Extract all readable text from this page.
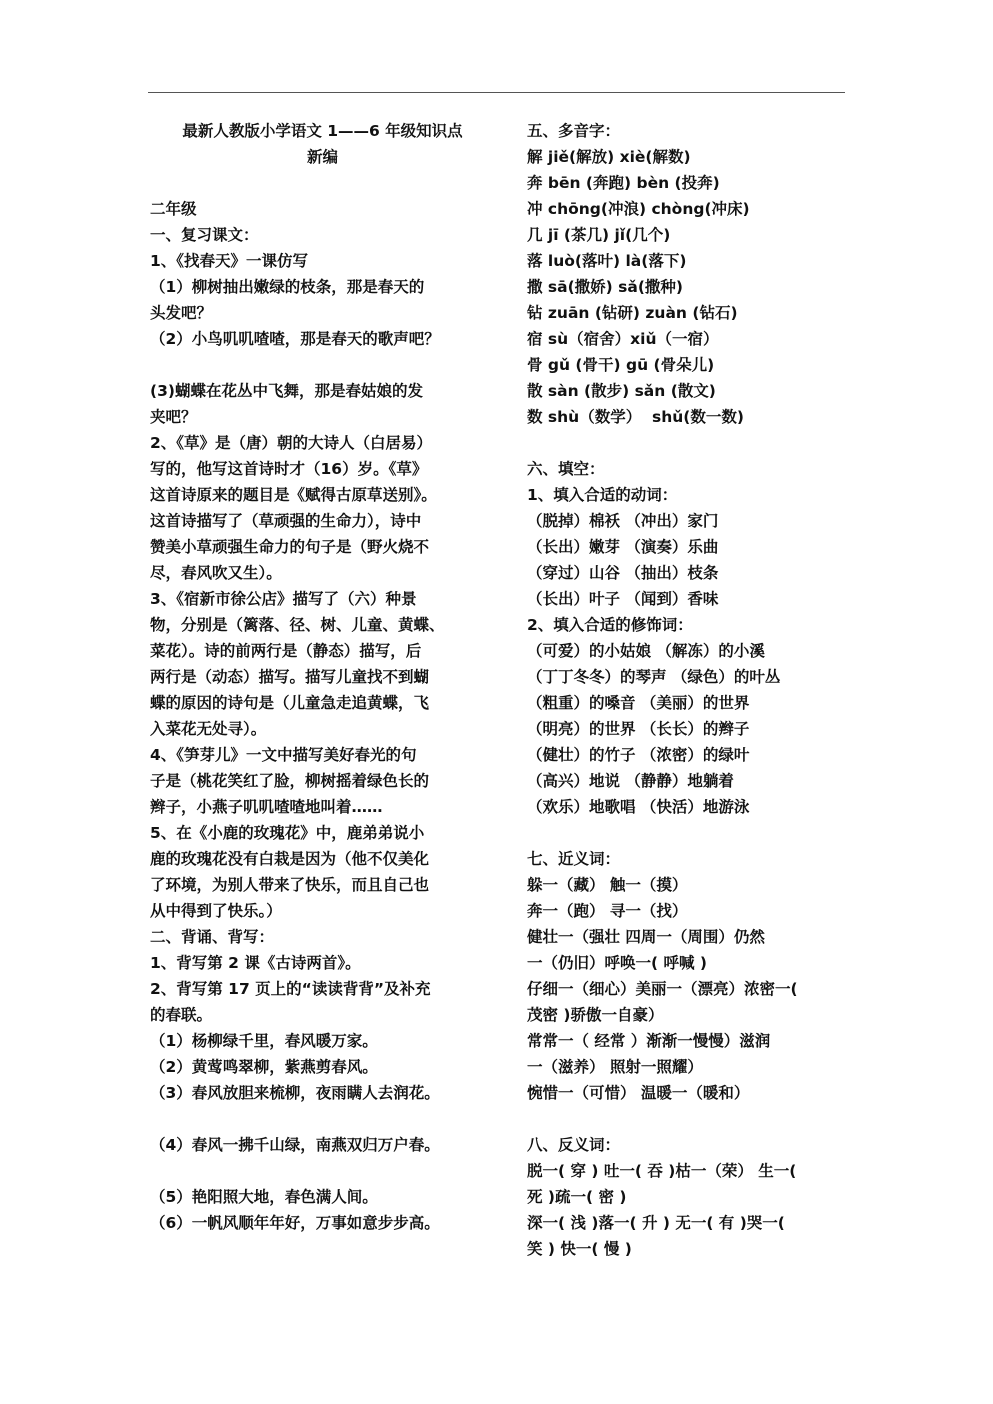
最新人教版小学语文 1——6 年级知识点
新编
二年级
一、复习课文：
1、《找春天》一课仿写
（1）柳树抽出嫩绿的枝条，那是春天的
头发吧？
（2）小鸟叽叽喳喳，那是春天的歌声吧？
(3)蝴蝶在花丛中飞舞，那是春姑娘的发
夹吧？
2、《草》是（唐）朝的大诗人（白居易）
写的，他写这首诗时才（16）岁。《草》
这首诗原来的题目是《赋得古原草送别》。
这首诗描写了（草顽强的生命力），诗中
赞美小草顽强生命力的句子是（野火烧不
尽，春风吹又生）。
3、《宿新市徐公店》描写了（六）种景
物，分别是（篱落、径、树、儿童、黄蝶、
菜花）。诗的前两行是（静态）描写，后
两行是（动态）描写。描写儿童找不到蝴
蝶的原因的诗句是（儿童急走追黄蝶，飞
入菜花无处寻）。
4、《笋芽儿》一文中描写美好春光的句
子是（桃花笑红了脸，柳树摇着绿色长的
辫子，小燕子叽叽喳喳地叫着……
5、在《小鹿的玫瑰花》中，鹿弟弟说小
鹿的玫瑰花没有白栽是因为（他不仅美化
了环境，为别人带来了快乐，而且自己也
从中得到了快乐。）
二、背诵、背写：
1、背写第 2 课《古诗两首》。
2、背写第 17 页上的“读读背背”及补充
的春联。
（1）杨柳绿千里，春风暖万家。
（2）黄莺鸣翠柳，紫燕剪春风。
（3）春风放胆来梳柳，夜雨瞒人去润花。
（4）春风一拂千山绿，南燕双归万户春。
（5）艳阳照大地，春色满人间。
（6）一帆风顺年年好，万事如意步步高。
五、多音字：
解 jiě(解放) xiè(解数)
奔 bēn (奔跑) bèn (投奔)
冲 chōng(冲浪) chòng(冲床)
几 jī (茶几) jǐ(几个)
落 luò(落叶) là(落下)
撒 sā(撒娇) sǎ(撒种)
钻 zuān (钻研) zuàn (钻石)
宿 sù（宿舍）xiǔ（一宿）
骨 gǔ (骨干) gū (骨朵儿)
散 sàn (散步) sǎn (散文)
数 shù（数学）  shǔ(数一数)
六、填空：
1、填入合适的动词：
（脱掉）棉袄 （冲出）家门
（长出）嫩芽 （演奏）乐曲
（穿过）山谷 （抽出）枝条
（长出）叶子 （闻到）香味
2、填入合适的修饰词：
（可爱）的小姑娘 （解冻）的小溪
（丁丁冬冬）的琴声 （绿色）的叶丛
（粗重）的嗓音 （美丽）的世界
（明亮）的世界 （长长）的辫子
（健壮）的竹子 （浓密）的绿叶
（高兴）地说 （静静）地躺着
（欢乐）地歌唱 （快活）地游泳
七、近义词：
躲一（藏） 触一（摸）
奔一（跑） 寻一（找）
健壮一（强壮 四周一（周围）仍然
一（仍旧）呼唤一( 呼喊 )
仔细一（细心）美丽一（漂亮）浓密一(
茂密 )骄傲一自豪）
常常一（ 经常 ）渐渐一慢慢）滋润
一（滋养） 照射一照耀）
惋惜一（可惜） 温暖一（暖和）
八、反义词：
脱一( 穿 ) 吐一( 吞 )枯一（荣） 生一(
死 )疏一( 密 )
深一( 浅 )落一( 升 ) 无一( 有 )哭一(
笑 ) 快一( 慢 )
